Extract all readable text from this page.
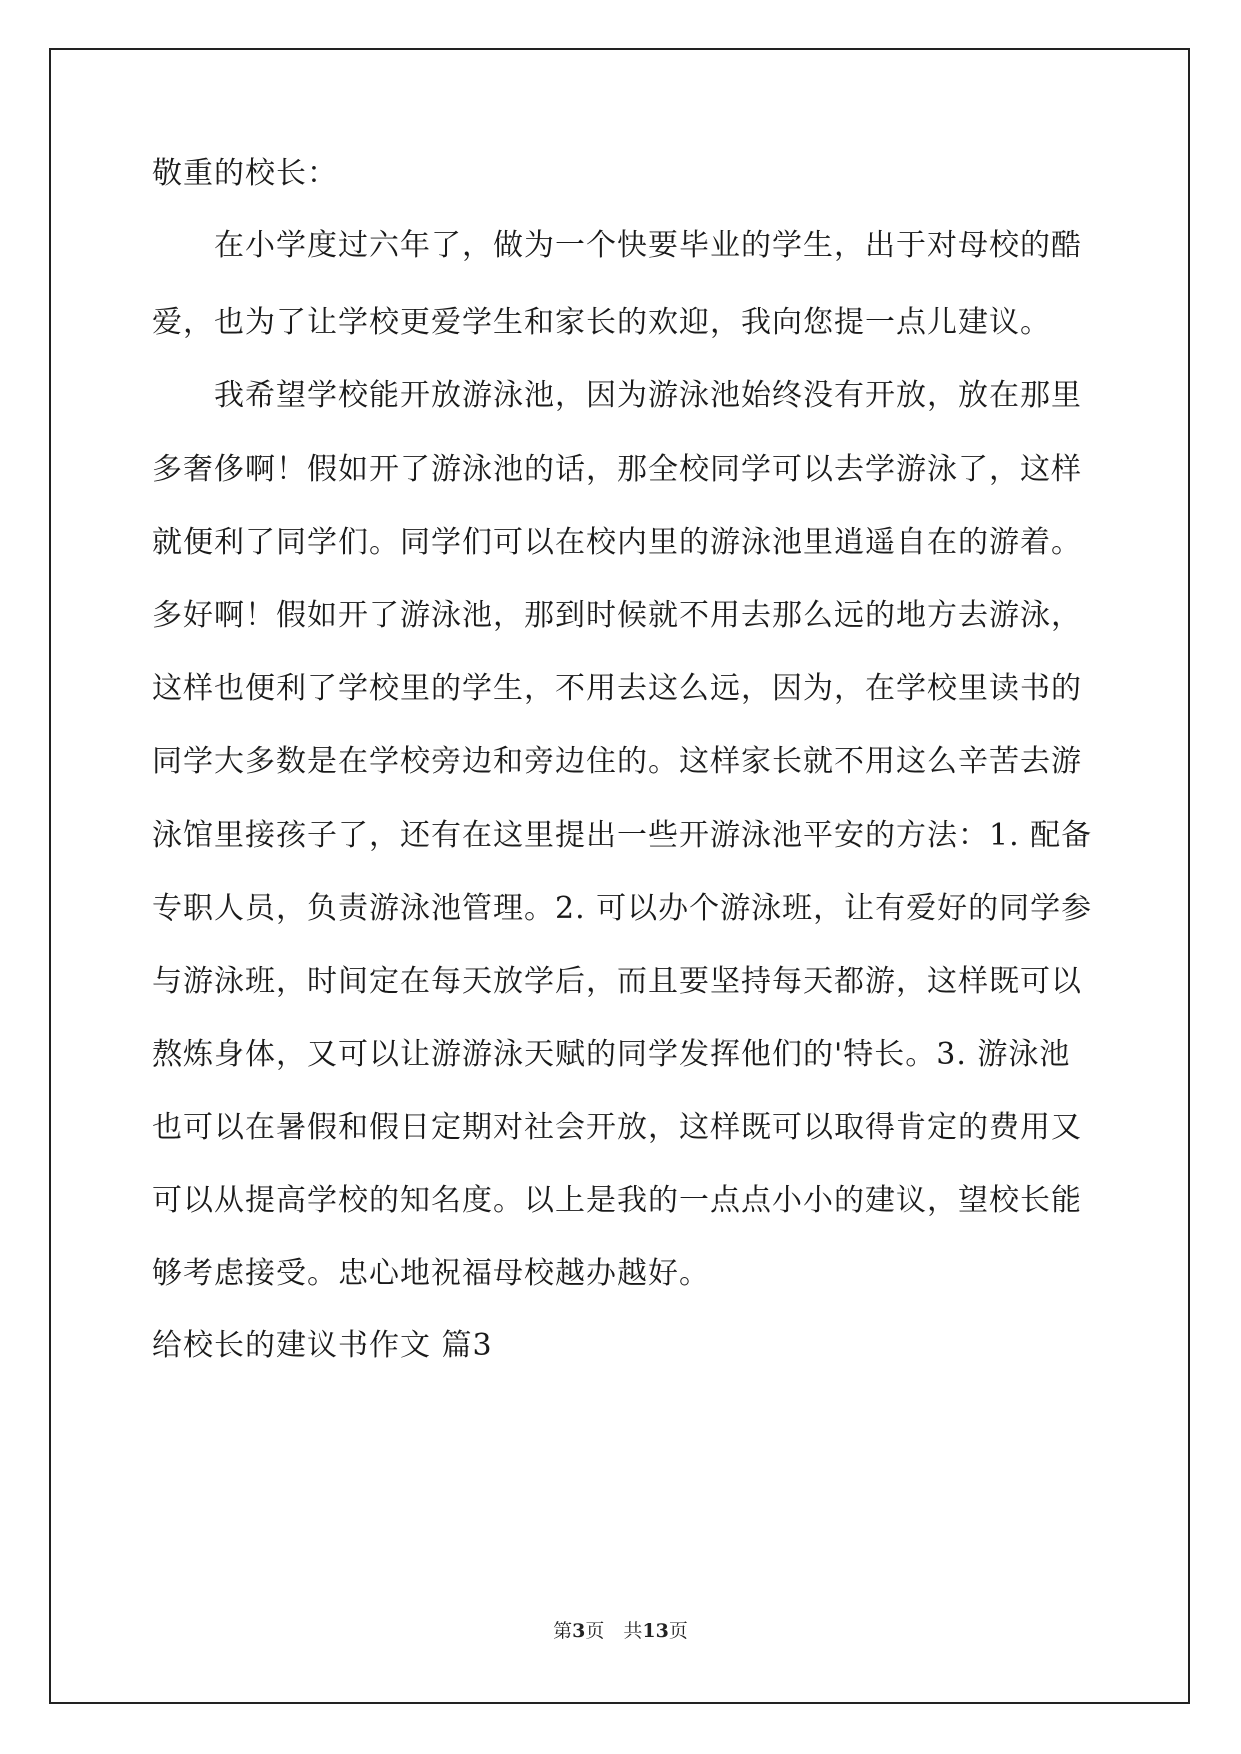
敬重的校长：
在小学度过六年了，做为一个快要毕业的学生，出于对母校的酷
爱，也为了让学校更爱学生和家长的欢迎，我向您提一点儿建议。
我希望学校能开放游泳池，因为游泳池始终没有开放，放在那里
多奢侈啊！假如开了游泳池的话，那全校同学可以去学游泳了，这样
就便利了同学们。同学们可以在校内里的游泳池里逍遥自在的游着。
多好啊！假如开了游泳池，那到时候就不用去那么远的地方去游泳，
这样也便利了学校里的学生，不用去这么远，因为，在学校里读书的
同学大多数是在学校旁边和旁边住的。这样家长就不用这么辛苦去游
泳馆里接孩子了，还有在这里提出一些开游泳池平安的方法：1. 配备
专职人员，负责游泳池管理。2. 可以办个游泳班，让有爱好的同学参
与游泳班，时间定在每天放学后，而且要坚持每天都游，这样既可以
熬炼身体，又可以让游游泳天赋的同学发挥他们的'特长。3. 游泳池
也可以在暑假和假日定期对社会开放，这样既可以取得肯定的费用又
可以从提高学校的知名度。以上是我的一点点小小的建议，望校长能
够考虑接受。忠心地祝福母校越办越好。
给校长的建议书作文 篇3
第3页　共13页
